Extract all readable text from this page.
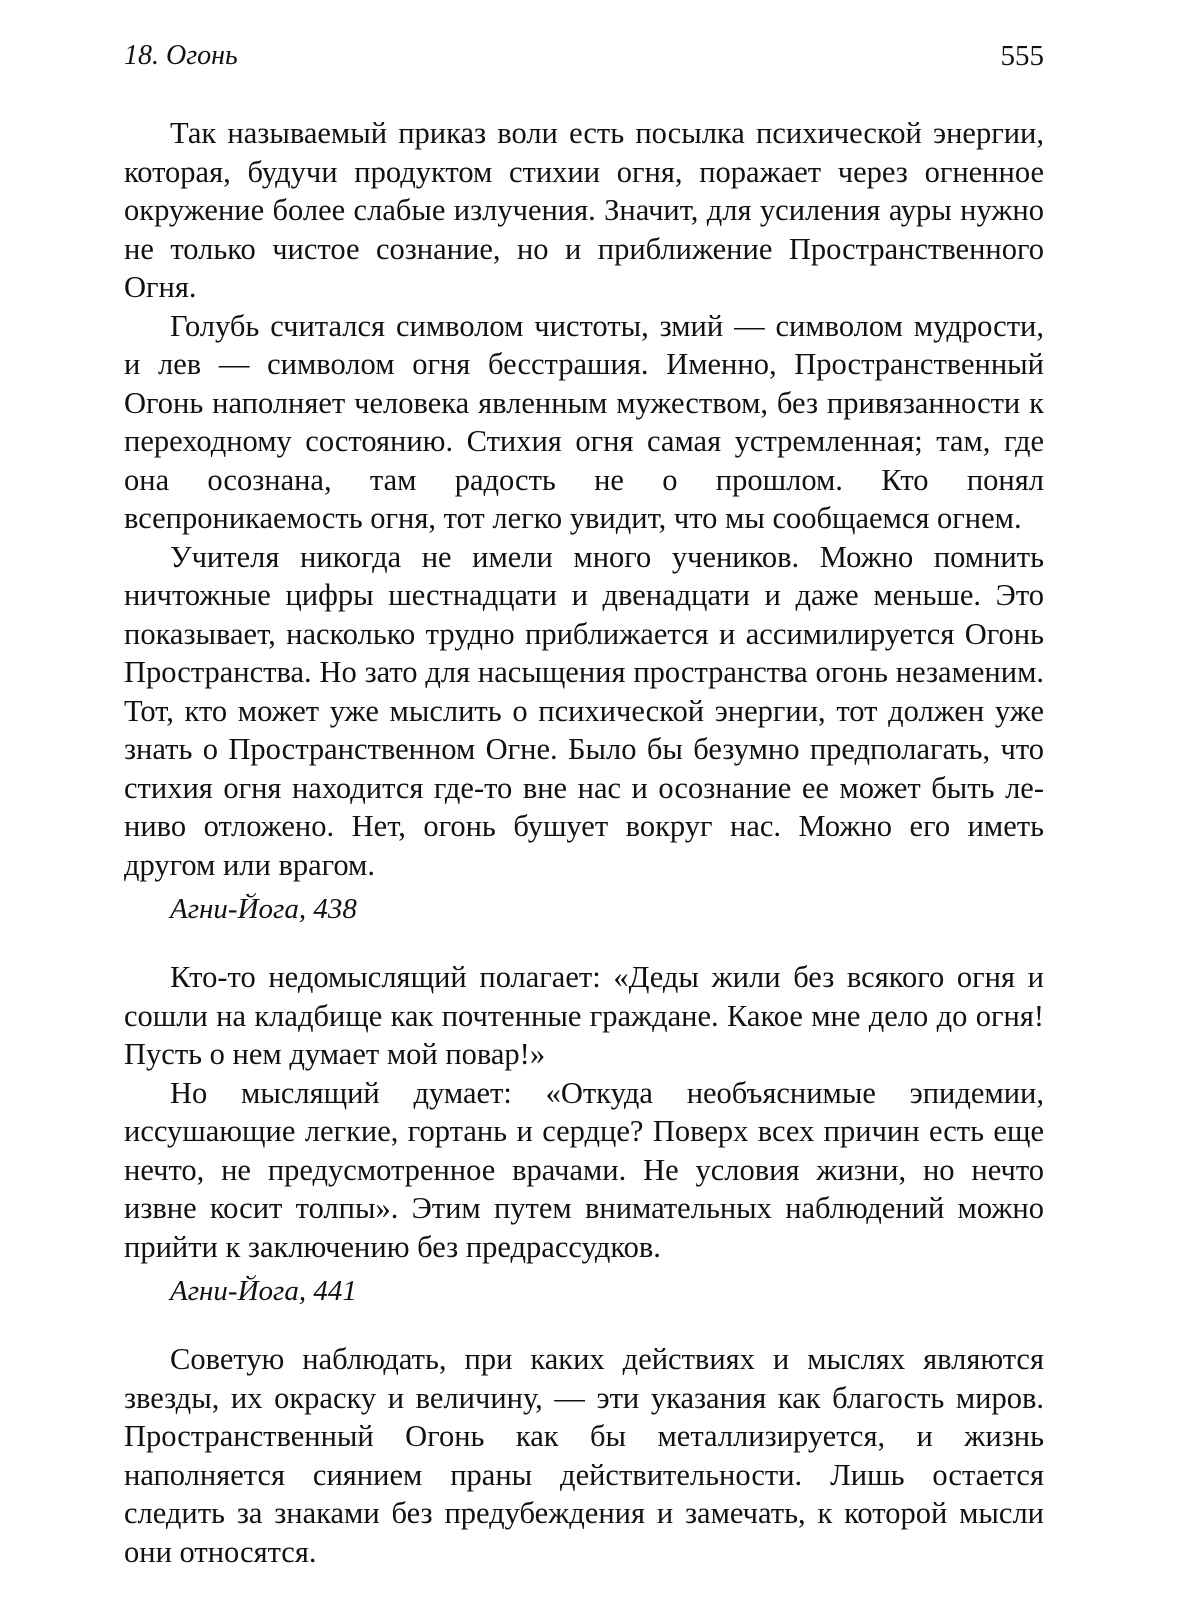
18. Огонь	555

Так называемый приказ воли есть посылка психической энергии, которая, будучи продуктом стихии огня, поражает через огненное окружение более слабые излучения. Значит, для усиления ауры нужно не только чистое сознание, но и приближение Пространственного Огня.

Голубь считался символом чистоты, змий — символом мудрости, и лев — символом огня бесстрашия. Именно, Пространственный Огонь наполняет человека явленным мужеством, без привязанности к переходному состоянию. Стихия огня самая устремленная; там, где она осознана, там радость не о прошлом. Кто понял всепроникаемость огня, тот легко увидит, что мы сообщаемся огнем.

Учителя никогда не имели много учеников. Можно помнить ничтожные цифры шестнадцати и двенадцати и даже меньше. Это показывает, насколько трудно приближается и ассимилируется Огонь Пространства. Но зато для насыщения пространства огонь незаменим. Тот, кто может уже мыслить о психической энергии, тот должен уже знать о Пространственном Огне. Было бы безумно предполагать, что стихия огня находится где-то вне нас и осознание ее может быть лениво отложено. Нет, огонь бушует вокруг нас. Можно его иметь другом или врагом.

Агни-Йога, 438

Кто-то недомыслящий полагает: «Деды жили без всякого огня и сошли на кладбище как почтенные граждане. Какое мне дело до огня! Пусть о нем думает мой повар!»

Но мыслящий думает: «Откуда необъяснимые эпидемии, иссушающие легкие, гортань и сердце? Поверх всех причин есть еще нечто, не предусмотренное врачами. Не условия жизни, но нечто извне косит толпы». Этим путем внимательных наблюдений можно прийти к заключению без предрассудков.

Агни-Йога, 441

Советую наблюдать, при каких действиях и мыслях являются звезды, их окраску и величину, — эти указания как благость миров. Пространственный Огонь как бы металлизируется, и жизнь наполняется сиянием праны действительности. Лишь остается следить за знаками без предубеждения и замечать, к которой мысли они относятся.
